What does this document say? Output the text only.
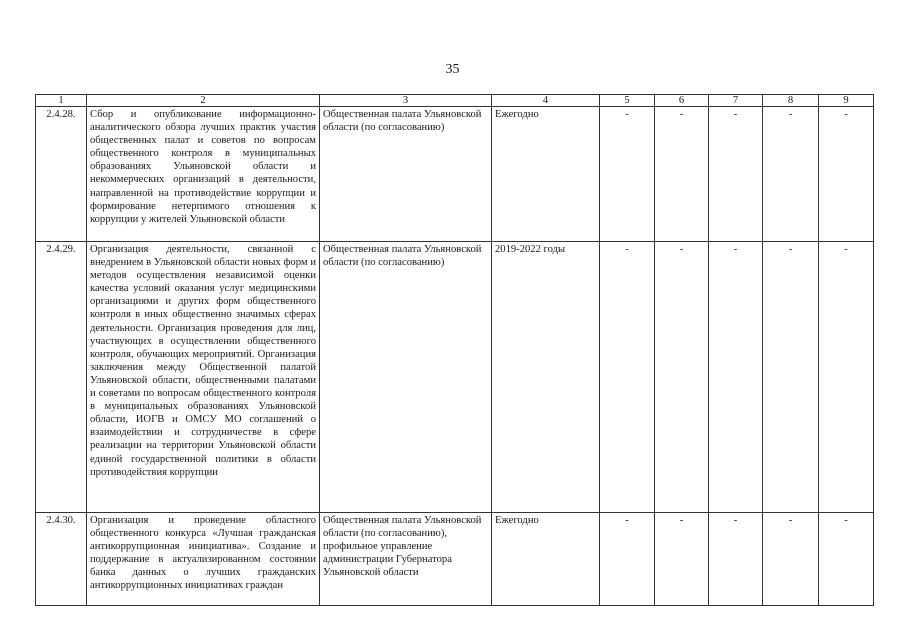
35
1	2	3	4	5	6	7	8	9
2.4.28.	Сбор и опубликование информационно-аналитического обзора лучших практик участия общественных палат и советов по вопросам общественного контроля в муниципальных образованиях Ульяновской области и некоммерческих организаций в деятельности, направленной на противодействие коррупции и формирование нетерпимого отношения к коррупции у жителей Ульяновской области	Общественная палата Ульяновской области (по согласованию)	Ежегодно	-	-	-	-	-
2.4.29.	Организация деятельности, связанной с внедрением в Ульяновской области новых форм и методов осуществления независимой оценки качества условий оказания услуг медицинскими организациями и других форм общественного контроля в иных общественно значимых сферах деятельности. Организация проведения для лиц, участвующих в осуществлении общественного контроля, обучающих мероприятий. Организация заключения между Общественной палатой Ульяновской области, общественными палатами и советами по вопросам общественного контроля в муниципальных образованиях Ульяновской области, ИОГВ и ОМСУ МО соглашений о взаимодействии и сотрудничестве в сфере реализации на территории Ульяновской области единой государственной политики в области противодействия коррупции	Общественная палата Ульяновской области (по согласованию)	2019-2022 годы	-	-	-	-	-
2.4.30.	Организация и проведение областного общественного конкурса «Лучшая гражданская антикоррупционная инициатива». Создание и поддержание в актуализированном состоянии банка данных о лучших гражданских антикоррупционных инициативах граждан	Общественная палата Ульяновской области (по согласованию), профильное управление администрации Губернатора Ульяновской области	Ежегодно	-	-	-	-	-
